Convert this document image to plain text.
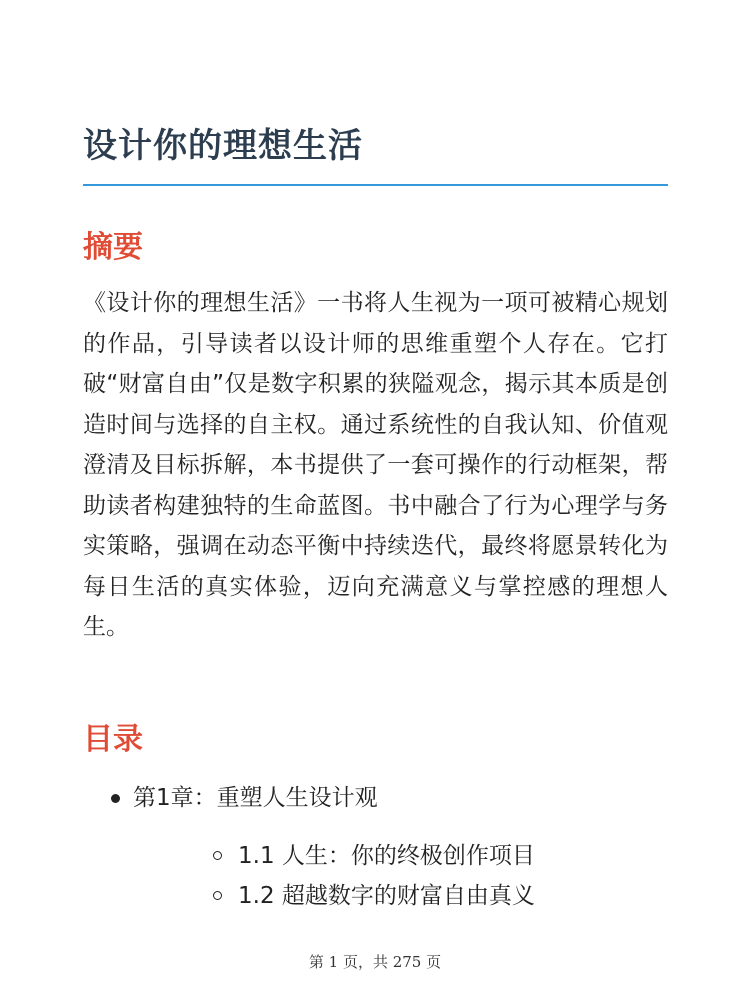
设计你的理想生活
摘要

《设计你的理想生活》一书将人生视为一项可被精心规划的作品，引导读者以设计师的思维重塑个人存在。它打破“财富自由”仅是数字积累的狭隘观念，揭示其本质是创造时间与选择的自主权。通过系统性的自我认知、价值观澄清及目标拆解，本书提供了一套可操作的行动框架，帮助读者构建独特的生命蓝图。书中融合了行为心理学与务实策略，强调在动态平衡中持续迭代，最终将愿景转化为每日生活的真实体验，迈向充满意义与掌控感的理想人生。

目录
第1章：重塑人生设计观
1.1 人生：你的终极创作项目
1.2 超越数字的财富自由真义
第 1 页，共 275 页
